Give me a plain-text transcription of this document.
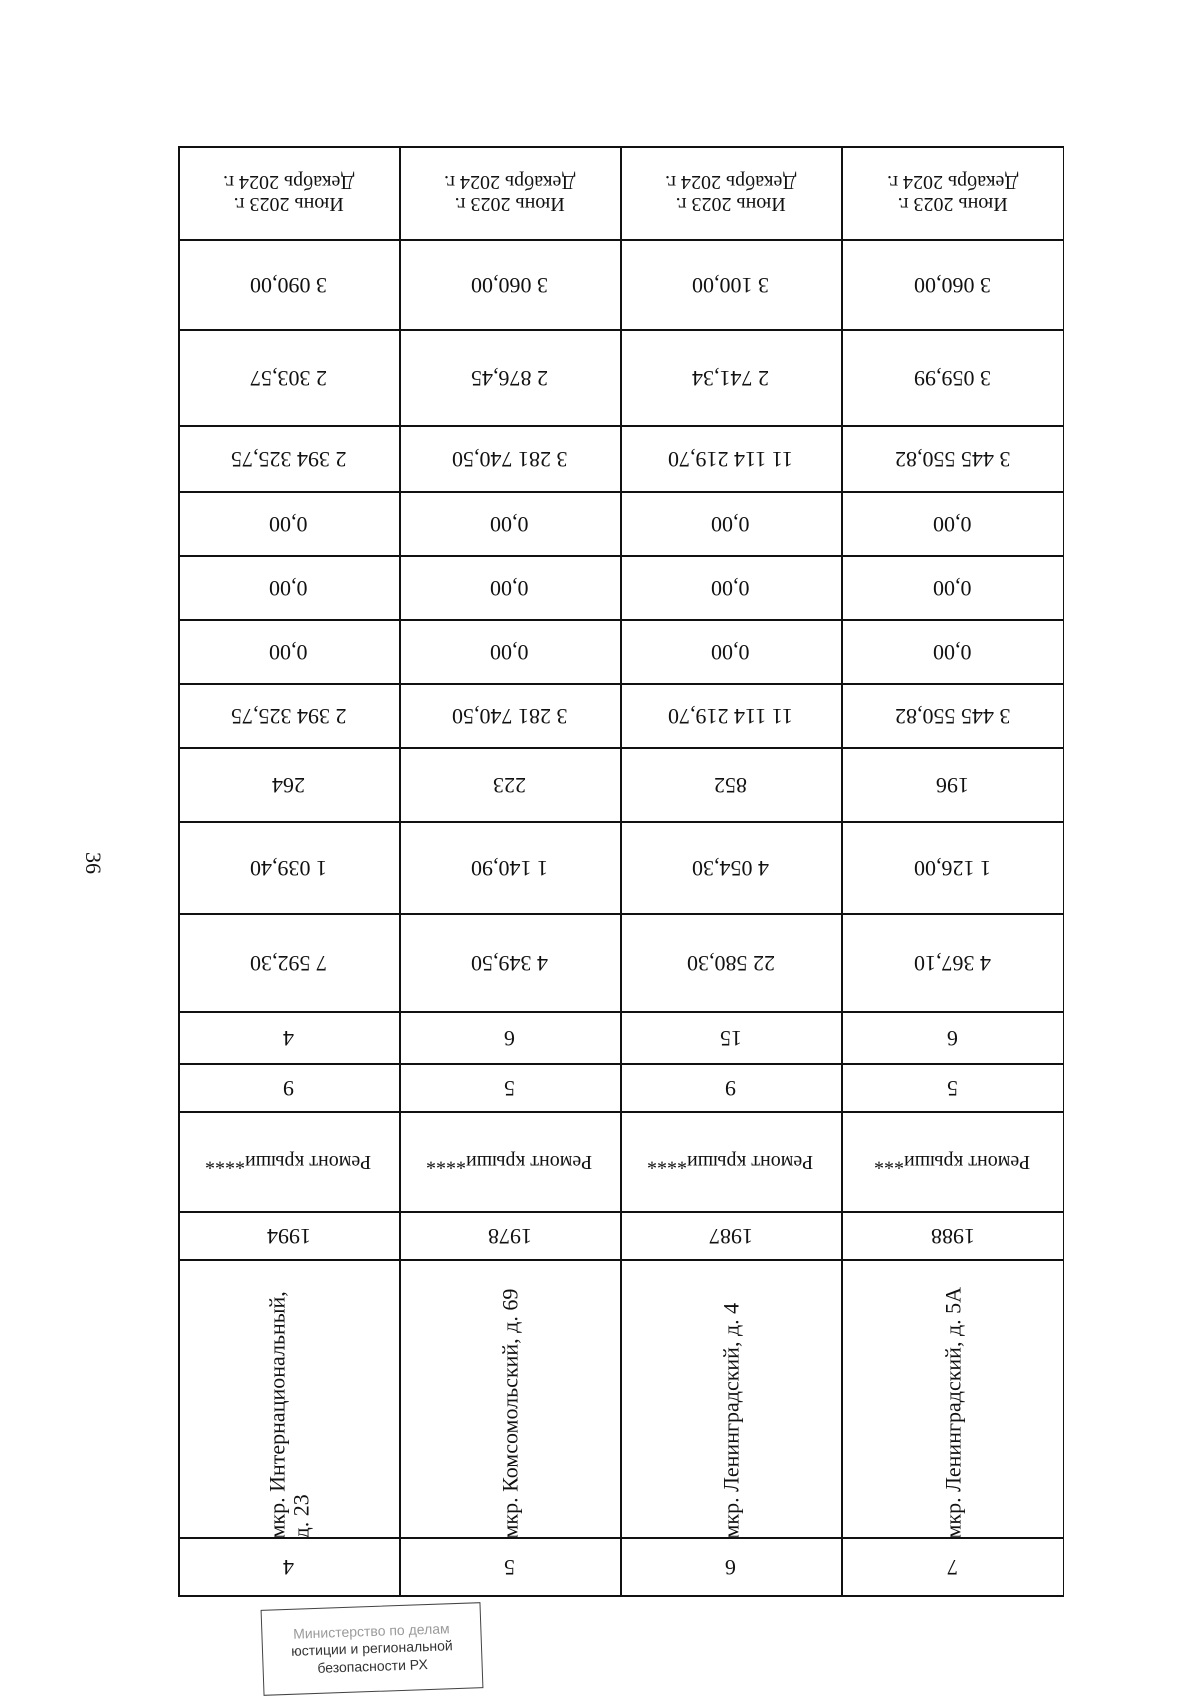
36
Июнь 2023 г.
Декабрь 2024 г.
3 090,00
2 303,57
2 394 325,75
0,00
0,00
0,00
2 394 325,75
264
1 039,40
7 592,30
4
9
Ремонт крыши****
1994
мкр. Интернациональный,
д. 23
4
Июнь 2023 г.
Декабрь 2024 г.
3 060,00
2 876,45
3 281 740,50
0,00
0,00
0,00
3 281 740,50
223
1 140,90
4 349,50
6
5
Ремонт крыши****
1978
мкр. Комсомольский, д. 69
5
Июнь 2023 г.
Декабрь 2024 г.
3 100,00
2 741,34
11 114 219,70
0,00
0,00
0,00
11 114 219,70
852
4 054,30
22 580,30
15
9
Ремонт крыши****
1987
мкр. Ленинградский, д. 4
6
Июнь 2023 г.
Декабрь 2024 г.
3 060,00
3 059,99
3 445 550,82
0,00
0,00
0,00
3 445 550,82
196
1 126,00
4 367,10
6
5
Ремонт крыши***
1988
мкр. Ленинградский, д. 5А
7
Министерство по делам
юстиции и региональной
безопасности РХ
